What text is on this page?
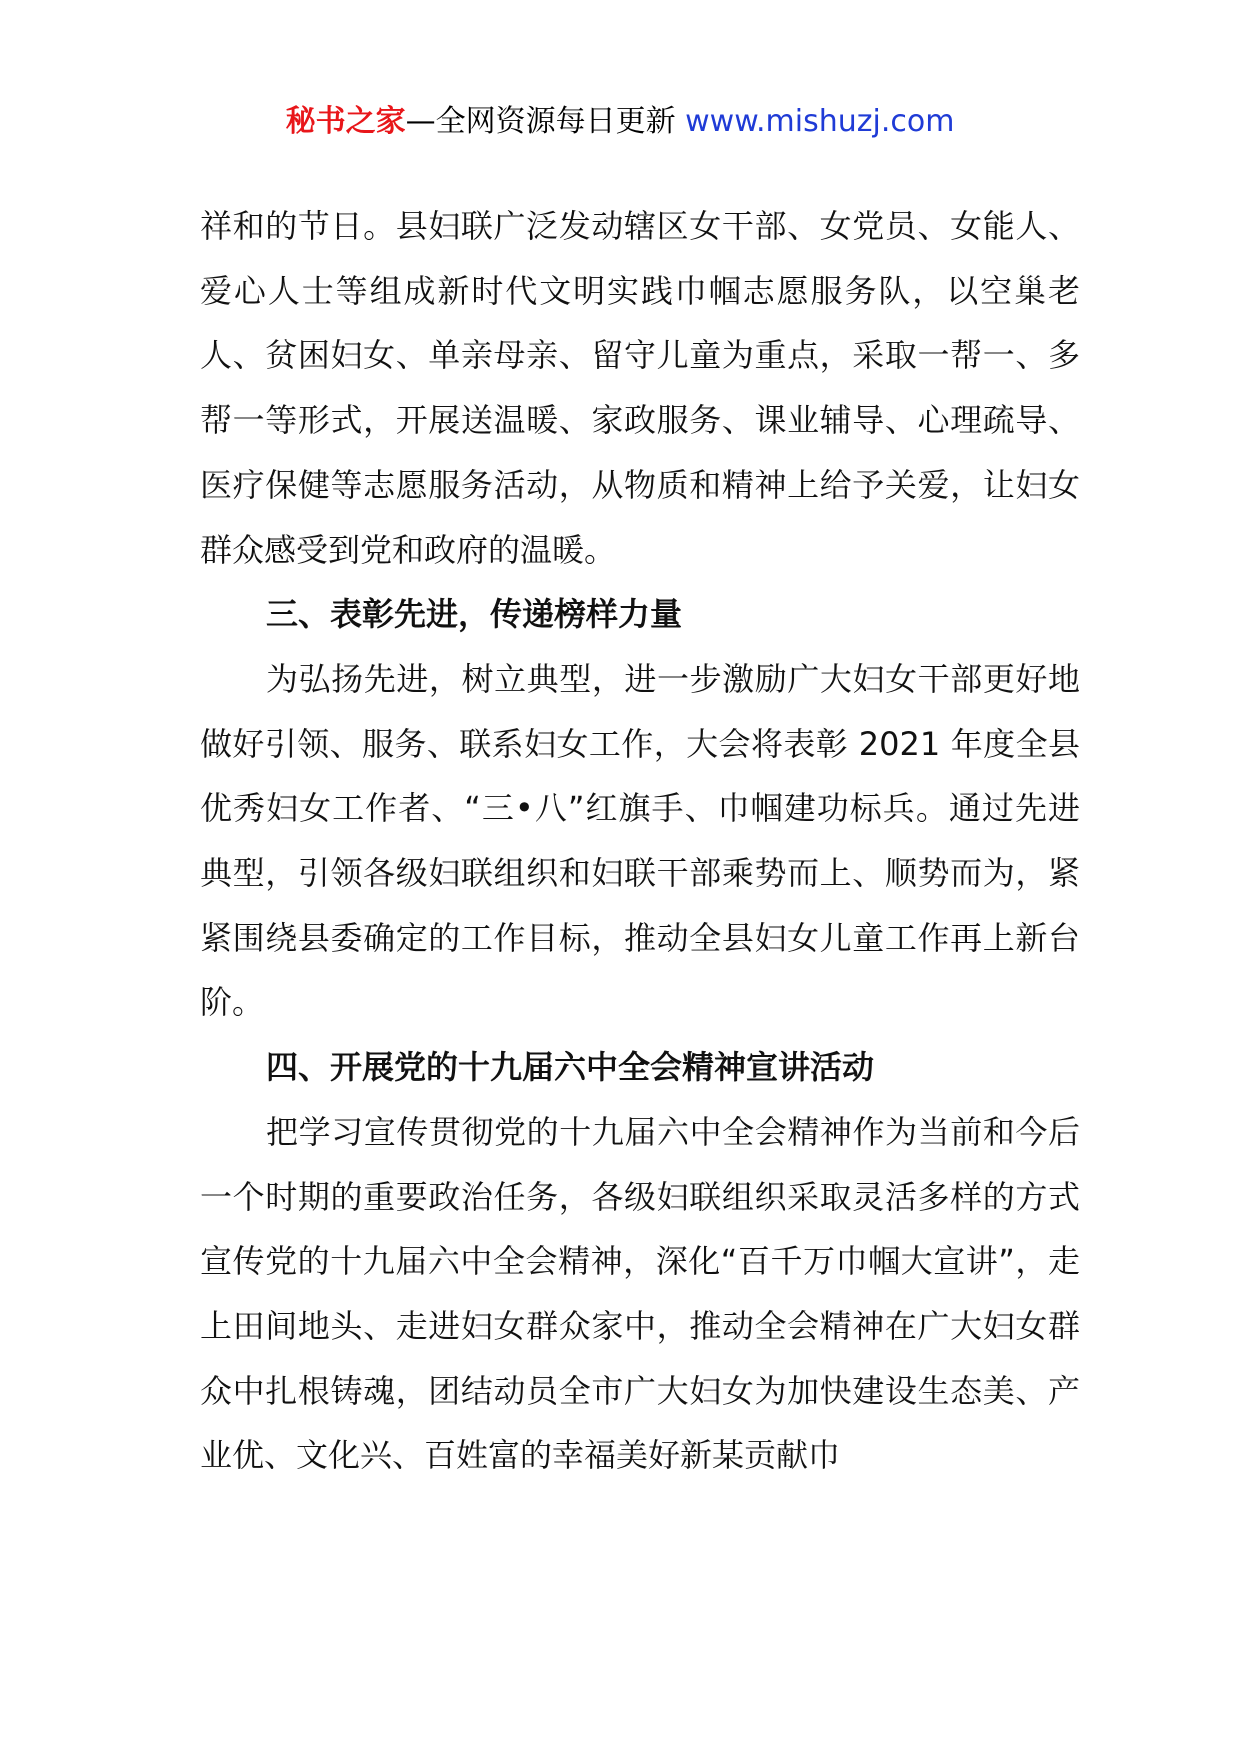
秘书之家—全网资源每日更新 www.mishuzj.com

祥和的节日。县妇联广泛发动辖区女干部、女党员、女能人、爱心人士等组成新时代文明实践巾帼志愿服务队，以空巢老人、贫困妇女、单亲母亲、留守儿童为重点，采取一帮一、多帮一等形式，开展送温暖、家政服务、课业辅导、心理疏导、医疗保健等志愿服务活动，从物质和精神上给予关爱，让妇女群众感受到党和政府的温暖。

三、表彰先进，传递榜样力量

为弘扬先进，树立典型，进一步激励广大妇女干部更好地做好引领、服务、联系妇女工作，大会将表彰 2021 年度全县优秀妇女工作者、“三•八”红旗手、巾帼建功标兵。通过先进典型，引领各级妇联组织和妇联干部乘势而上、顺势而为，紧紧围绕县委确定的工作目标，推动全县妇女儿童工作再上新台阶。

四、开展党的十九届六中全会精神宣讲活动

把学习宣传贯彻党的十九届六中全会精神作为当前和今后一个时期的重要政治任务，各级妇联组织采取灵活多样的方式宣传党的十九届六中全会精神，深化“百千万巾帼大宣讲”，走上田间地头、走进妇女群众家中，推动全会精神在广大妇女群众中扎根铸魂，团结动员全市广大妇女为加快建设生态美、产业优、文化兴、百姓富的幸福美好新某贡献巾
